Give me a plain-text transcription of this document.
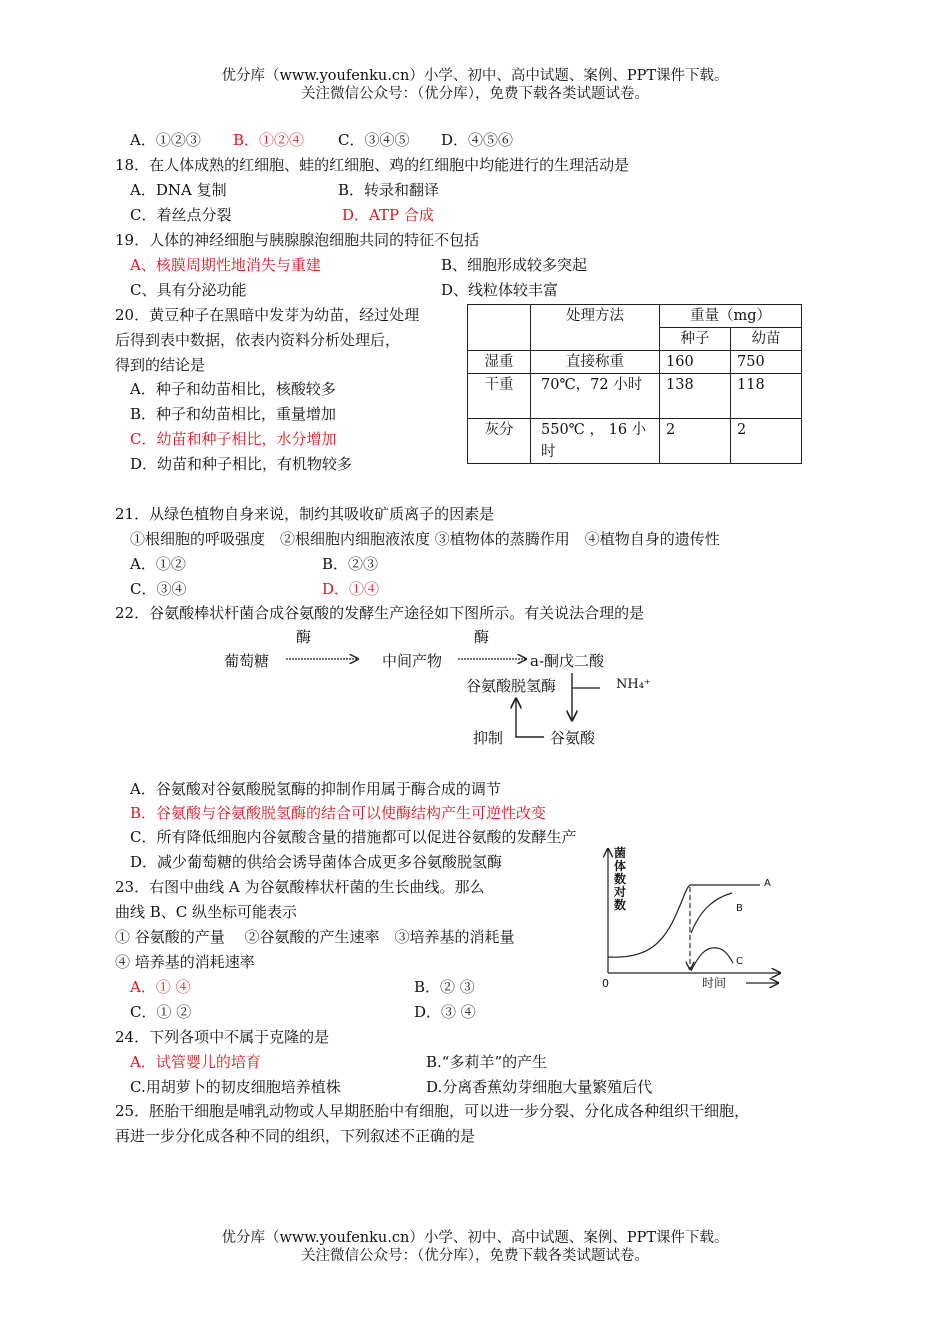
优分库（www.youfenku.cn）小学、初中、高中试题、案例、PPT课件下载。
关注微信公众号：（优分库），免费下载各类试题试卷。
A．①②③ B．①②④ C．③④⑤ D．④⑤⑥
18．在人体成熟的红细胞、蛙的红细胞、鸡的红细胞中均能进行的生理活动是
A．DNA 复制	B．转录和翻译
C．着丝点分裂	D．ATP 合成
19．人体的神经细胞与胰腺腺泡细胞共同的特征不包括
A、核膜周期性地消失与重建	B、细胞形成较多突起
C、具有分泌功能	D、线粒体较丰富
20．黄豆种子在黑暗中发芽为幼苗，经过处理
后得到表中数据，依表内资料分析处理后，
得到的结论是
A．种子和幼苗相比，核酸较多
B．种子和幼苗相比，重量增加
C．幼苗和种子相比，水分增加
D．幼苗和种子相比，有机物较多
	处理方法	重量（mg）	
		种子	幼苗
湿重	直接称重	160	750
干重	70℃，72 小时	138	118
灰分	550℃ ， 16 小时	2	2
21．从绿色植物自身来说，制约其吸收矿质离子的因素是
①根细胞的呼吸强度　②根细胞内细胞液浓度 ③植物体的蒸腾作用　④植物自身的遗传性
A．①②	B．②③
C．③④	D．①④
22．谷氨酸棒状杆菌合成谷氨酸的发酵生产途径如下图所示。有关说法合理的是
酶	酶
葡萄糖	中间产物	a-酮戊二酸
谷氨酸脱氢酶	NH₄⁺
抑制	谷氨酸
A．谷氨酸对谷氨酸脱氢酶的抑制作用属于酶合成的调节
B．谷氨酸与谷氨酸脱氢酶的结合可以使酶结构产生可逆性改变
C．所有降低细胞内谷氨酸含量的措施都可以促进谷氨酸的发酵生产
D．减少葡萄糖的供给会诱导菌体合成更多谷氨酸脱氢酶
23．右图中曲线 A 为谷氨酸棒状杆菌的生长曲线。那么
曲线 B、C 纵坐标可能表示
① 谷氨酸的产量　 ②谷氨酸的产生速率　③培养基的消耗量
④ 培养基的消耗速率
A．① ④	B．② ③
C．① ②	D．③ ④
菌
体
数
对
数
0	时间
A
B
C
24．下列各项中不属于克隆的是
A．试管婴儿的培育	B.“多莉羊”的产生
C.用胡萝卜的韧皮细胞培养植株	D.分离香蕉幼芽细胞大量繁殖后代
25．胚胎干细胞是哺乳动物或人早期胚胎中有细胞，可以进一步分裂、分化成各种组织干细胞，
再进一步分化成各种不同的组织，下列叙述不正确的是
优分库（www.youfenku.cn）小学、初中、高中试题、案例、PPT课件下载。
关注微信公众号：（优分库），免费下载各类试题试卷。
